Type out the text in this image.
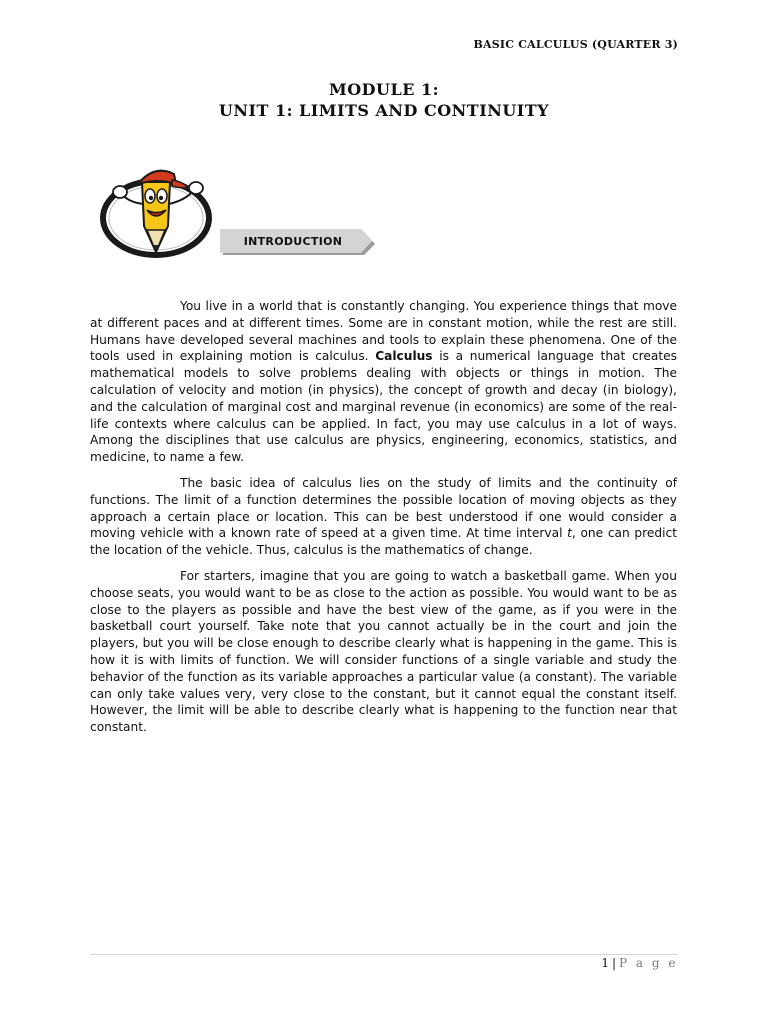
BASIC CALCULUS (QUARTER 3)
MODULE 1:
UNIT 1: LIMITS AND CONTINUITY
INTRODUCTION

You live in a world that is constantly changing. You experience things that move at different paces and at different times. Some are in constant motion, while the rest are still. Humans have developed several machines and tools to explain these phenomena. One of the tools used in explaining motion is calculus. Calculus is a numerical language that creates mathematical models to solve problems dealing with objects or things in motion. The calculation of velocity and motion (in physics), the concept of growth and decay (in biology), and the calculation of marginal cost and marginal revenue (in economics) are some of the real-life contexts where calculus can be applied. In fact, you may use calculus in a lot of ways. Among the disciplines that use calculus are physics, engineering, economics, statistics, and medicine, to name a few.

The basic idea of calculus lies on the study of limits and the continuity of functions. The limit of a function determines the possible location of moving objects as they approach a certain place or location. This can be best understood if one would consider a moving vehicle with a known rate of speed at a given time. At time interval t, one can predict the location of the vehicle. Thus, calculus is the mathematics of change.

For starters, imagine that you are going to watch a basketball game. When you choose seats, you would want to be as close to the action as possible. You would want to be as close to the players as possible and have the best view of the game, as if you were in the basketball court yourself. Take note that you cannot actually be in the court and join the players, but you will be close enough to describe clearly what is happening in the game. This is how it is with limits of function. We will consider functions of a single variable and study the behavior of the function as its variable approaches a particular value (a constant). The variable can only take values very, very close to the constant, but it cannot equal the constant itself. However, the limit will be able to describe clearly what is happening to the function near that constant.

1 | P a g e
